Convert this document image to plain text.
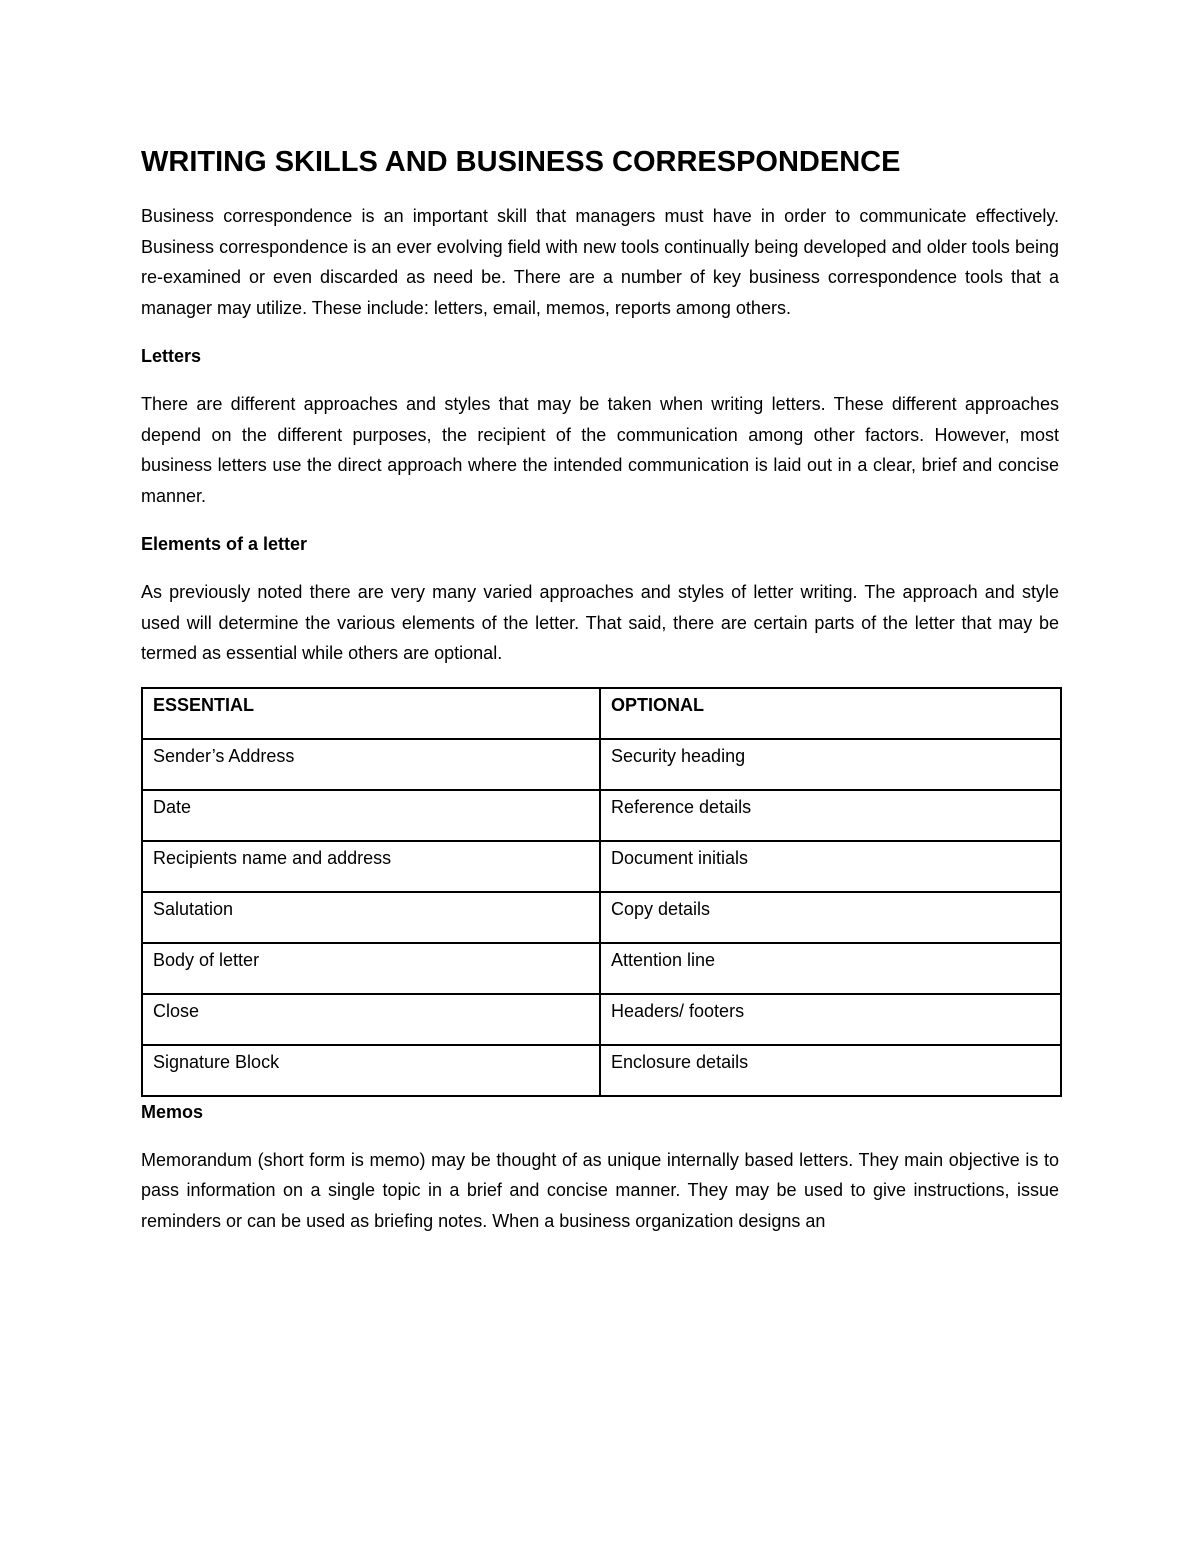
WRITING SKILLS AND BUSINESS CORRESPONDENCE

Business correspondence is an important skill that managers must have in order to communicate effectively. Business correspondence is an ever evolving field with new tools continually being developed and older tools being re-examined or even discarded as need be. There are a number of key business correspondence tools that a manager may utilize. These include: letters, email, memos, reports among others.

Letters

There are different approaches and styles that may be taken when writing letters. These different approaches depend on the different purposes, the recipient of the communication among other factors. However, most business letters use the direct approach where the intended communication is laid out in a clear, brief and concise manner.

Elements of a letter

As previously noted there are very many varied approaches and styles of letter writing. The approach and style used will determine the various elements of the letter. That said, there are certain parts of the letter that may be termed as essential while others are optional.

ESSENTIAL	OPTIONAL
Sender’s Address	Security heading
Date	Reference details
Recipients name and address	Document initials
Salutation	Copy details
Body of letter	Attention line
Close	Headers/ footers
Signature Block	Enclosure details
Memos

Memorandum (short form is memo) may be thought of as unique internally based letters. They main objective is to pass information on a single topic in a brief and concise manner. They may be used to give instructions, issue reminders or can be used as briefing notes. When a business organization designs an
